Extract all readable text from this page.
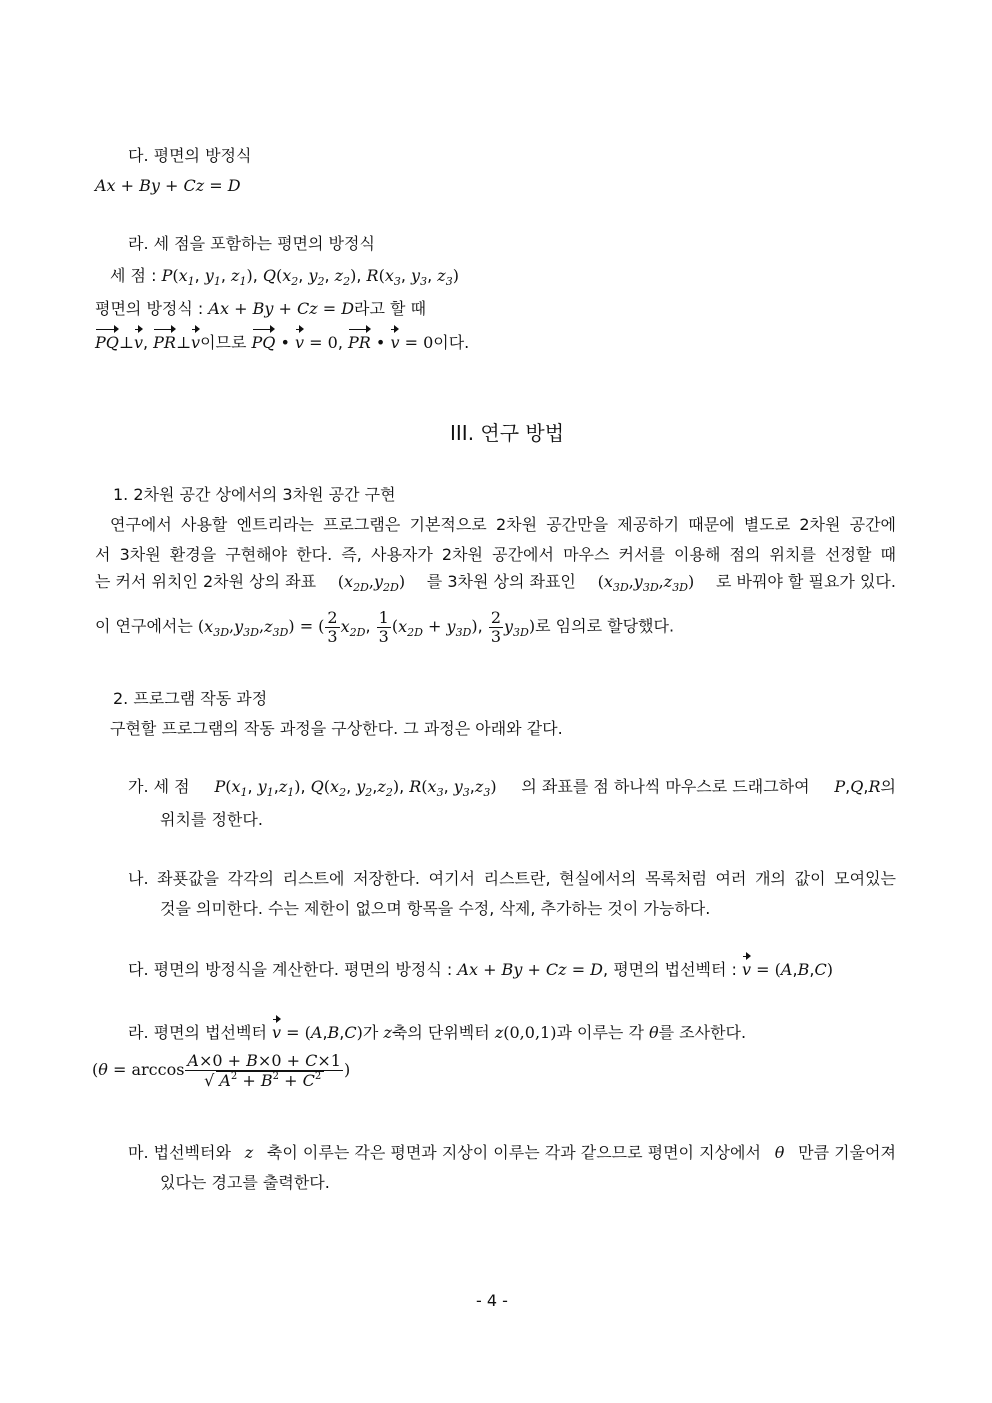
다. 평면의 방정식
Ax + By + Cz = D
라. 세 점을 포함하는 평면의 방정식
세 점 : $P(x_1$, $y_1$, $z_1$), $Q(x_2$, $y_2$, $z_2$), $R(x_3$, $y_3$, $z_3$)
평면의 방정식 : Ax + By + Cz = D라고 할 때
PQ⊥v, PR⊥v이므로 PQ • v = 0, PR • v = 0이다.
III. 연구 방법
1. 2차원 공간 상에서의 3차원 공간 구현
연구에서 사용할 엔트리라는 프로그램은 기본적으로 2차원 공간만을 제공하기 때문에 별도로 2차원 공간에
서 3차원 환경을 구현해야 한다. 즉, 사용자가 2차원 공간에서 마우스 커서를 이용해 점의 위치를 선정할 때
는 커서 위치인 2차원 상의 좌표 $(x_{2D},y_{2D})$ 를 3차원 상의 좌표인 $(x_{3D},y_{3D},z_{3D})$ 로 바꿔야 할 필요가 있다.
이 연구에서는 $(x_{3D},y_{3D},z_{3D})$ = ( $\frac{2}{3} x_{2D}$, $\frac{1}{3} (x_{2D} + y_{3D})$, $\frac{2}{3} y_{3D}$)로 임의로 할당했다.
2. 프로그램 작동 과정
구현할 프로그램의 작동 과정을 구상한다. 그 과정은 아래와 같다.
가. 세 점 $P(x_1$, $y_1,z_1$), $Q(x_2$, $y_2,z_2$), $R(x_3$, $y_3,z_3$) 의 좌표를 점 하나씩 마우스로 드래그하여 P,Q,R의
위치를 정한다.
나. 좌푯값을 각각의 리스트에 저장한다. 여기서 리스트란, 현실에서의 목록처럼 여러 개의 값이 모여있는
것을 의미한다. 수는 제한이 없으며 항목을 수정, 삭제, 추가하는 것이 가능하다.
다. 평면의 방정식을 계산한다. 평면의 방정식 : Ax + By + Cz = D, 평면의 법선벡터 : v = (A,B,C)
라. 평면의 법선벡터 v = (A,B,C)가 z축의 단위벡터 z(0,0,1)과 이루는 각 θ를 조사한다.
($\theta = \arccos \frac{A\times 0 + B\times 0 + C\times 1}{√ A^2 + B^2 + C^2}$ )
마. 법선벡터와 z 축이 이루는 각은 평면과 지상이 이루는 각과 같으므로 평면이 지상에서 θ 만큼 기울어져
있다는 경고를 출력한다.
- 4 -
